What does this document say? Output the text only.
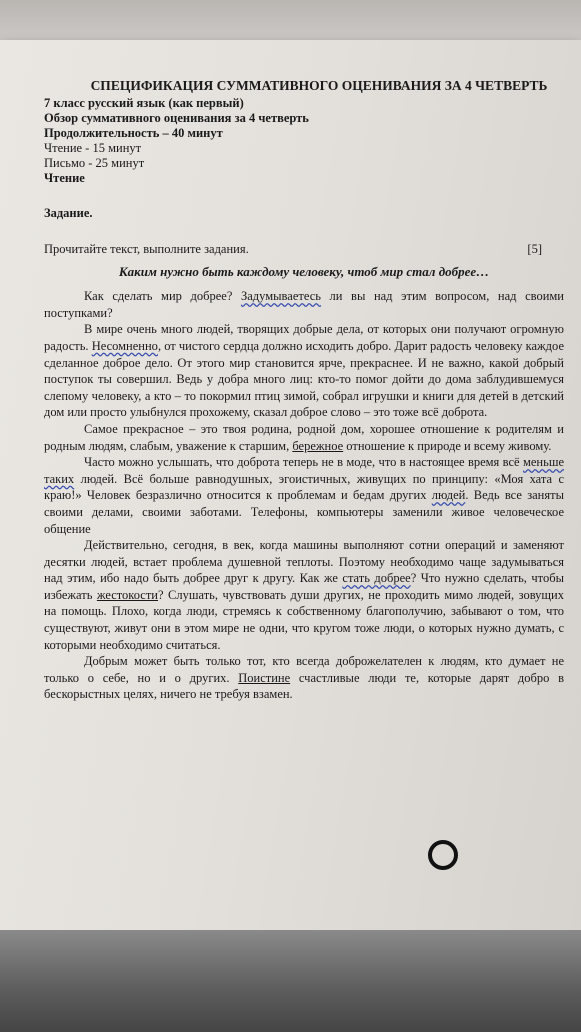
СПЕЦИФИКАЦИЯ СУММАТИВНОГО ОЦЕНИВАНИЯ ЗА 4 ЧЕТВЕРТЬ

7 класс русский язык (как первый)

Обзор суммативного оценивания за 4 четверть

Продолжительность – 40 минут

Чтение - 15 минут

Письмо - 25 минут

Чтение

Задание.

Прочитайте текст, выполните задания.	[5]

Каким нужно быть каждому человеку, чтоб мир стал добрее…

Как сделать мир добрее? Задумываетесь ли вы над этим вопросом, над своими поступками?

В мире очень много людей, творящих добрые дела, от которых они получают огромную радость. Несомненно, от чистого сердца должно исходить добро. Дарит радость человеку каждое сделанное доброе дело. От этого мир становится ярче, прекраснее. И не важно, какой добрый поступок ты совершил. Ведь у добра много лиц: кто-то помог дойти до дома заблудившемуся слепому человеку, а кто – то покормил птиц зимой, собрал игрушки и книги для детей в детский дом или просто улыбнулся прохожему, сказал доброе слово – это тоже всё доброта.

Самое прекрасное – это твоя родина, родной дом, хорошее отношение к родителям и родным людям, слабым, уважение к старшим, бережное отношение к природе и всему живому.

Часто можно услышать, что доброта теперь не в моде, что в настоящее время всё меньше таких людей. Всё больше равнодушных, эгоистичных, живущих по принципу: «Моя хата с краю!» Человек безразлично относится к проблемам и бедам других людей. Ведь все заняты своими делами, своими заботами. Телефоны, компьютеры заменили живое человеческое общение

Действительно, сегодня, в век, когда машины выполняют сотни операций и заменяют десятки людей, встает проблема душевной теплоты. Поэтому необходимо чаще задумываться над этим, ибо надо быть добрее друг к другу. Как же стать добрее? Что нужно сделать, чтобы избежать жестокости? Слушать, чувствовать души других, не проходить мимо людей, зовущих на помощь. Плохо, когда люди, стремясь к собственному благополучию, забывают о том, что существуют, живут они в этом мире не одни, что кругом тоже люди, о которых нужно думать, с которыми необходимо считаться.

Добрым может быть только тот, кто всегда доброжелателен к людям, кто думает не только о себе, но и о других. Поистине счастливые люди те, которые дарят добро в бескорыстных целях, ничего не требуя взамен.
